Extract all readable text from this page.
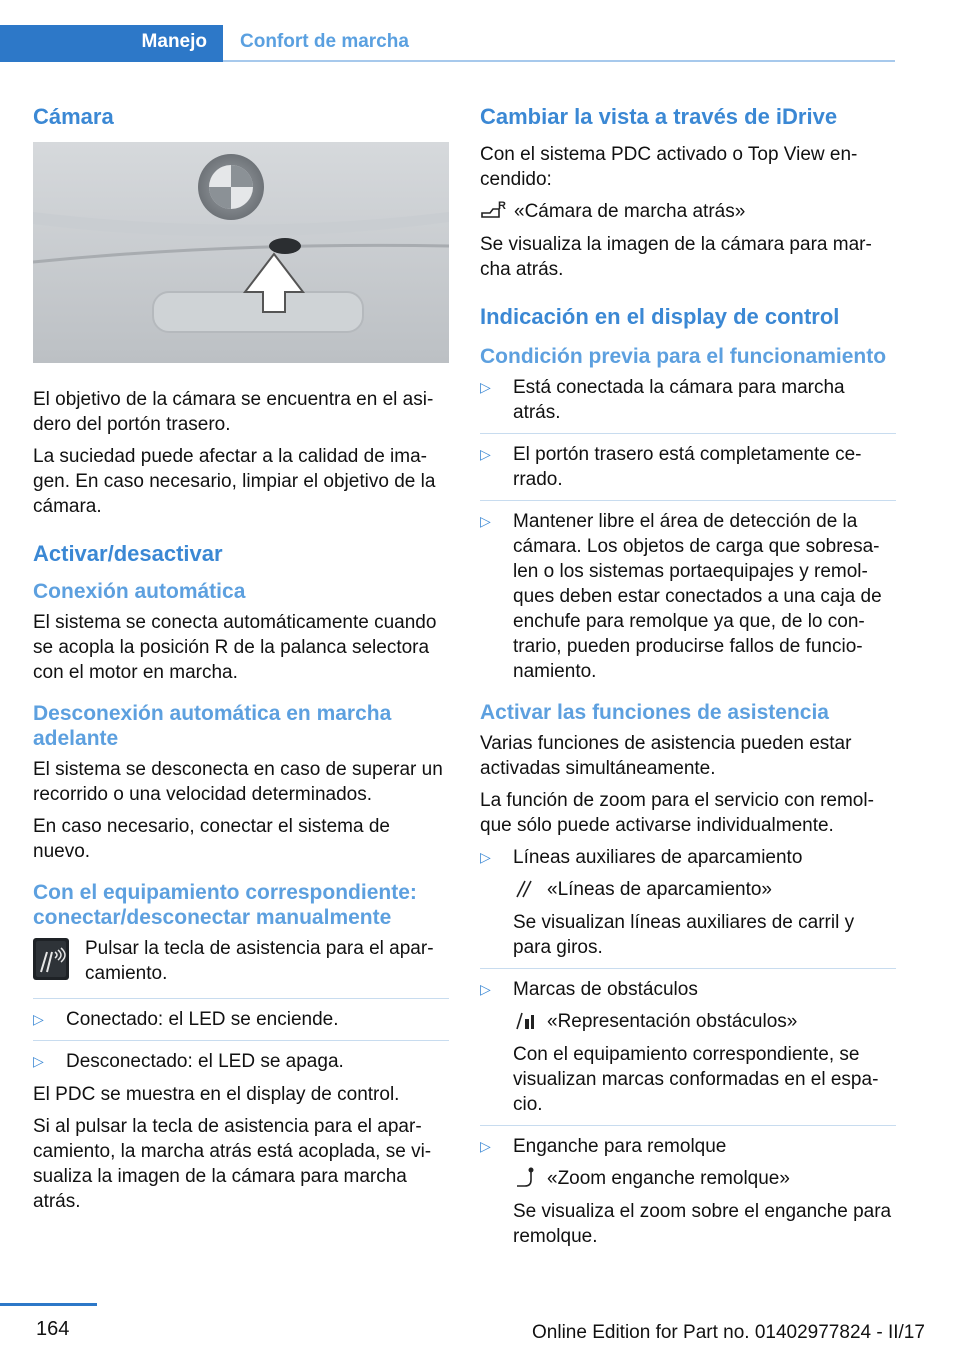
Manejo Confort de marcha
Cámara

El objetivo de la cámara se encuentra en el asi-dero del portón trasero.

La suciedad puede afectar a la calidad de ima-gen. En caso necesario, limpiar el objetivo de la cámara.

Activar/desactivar
Conexión automática

El sistema se conecta automáticamente cuando se acopla la posición R de la palanca selectora con el motor en marcha.

Desconexión automática en marcha adelante

El sistema se desconecta en caso de superar un recorrido o una velocidad determinados.

En caso necesario, conectar el sistema de nuevo.

Con el equipamiento correspondiente: conectar/desconectar manualmente

Pulsar la tecla de asistencia para el apar-camiento.

▷ Conectado: el LED se enciende.

▷ Desconectado: el LED se apaga.

El PDC se muestra en el display de control.

Si al pulsar la tecla de asistencia para el apar-camiento, la marcha atrás está acoplada, se vi-sualiza la imagen de la cámara para marcha atrás.

Cambiar la vista a través de iDrive

Con el sistema PDC activado o Top View en-cendido:

R «Cámara de marcha atrás»

Se visualiza la imagen de la cámara para mar-cha atrás.

Indicación en el display de control
Condición previa para el funcionamiento
▷ Está conectada la cámara para marcha atrás.

▷ El portón trasero está completamente ce-rrado.

▷ Mantener libre el área de detección de la cámara. Los objetos de carga que sobresa-len o los sistemas portaequipajes y remol-ques deben estar conectados a una caja de enchufe para remolque ya que, de lo con-trario, pueden producirse fallos de funcio-namiento.

Activar las funciones de asistencia

Varias funciones de asistencia pueden estar activadas simultáneamente.

La función de zoom para el servicio con remol-que sólo puede activarse individualmente.

▷ Líneas auxiliares de aparcamiento

«Líneas de aparcamiento»

Se visualizan líneas auxiliares de carril y para giros.

▷ Marcas de obstáculos

«Representación obstáculos»

Con el equipamiento correspondiente, se visualizan marcas conformadas en el espa-cio.

▷ Enganche para remolque

«Zoom enganche remolque»

Se visualiza el zoom sobre el enganche para remolque.

164	Online Edition for Part no. 01402977824 - II/17
